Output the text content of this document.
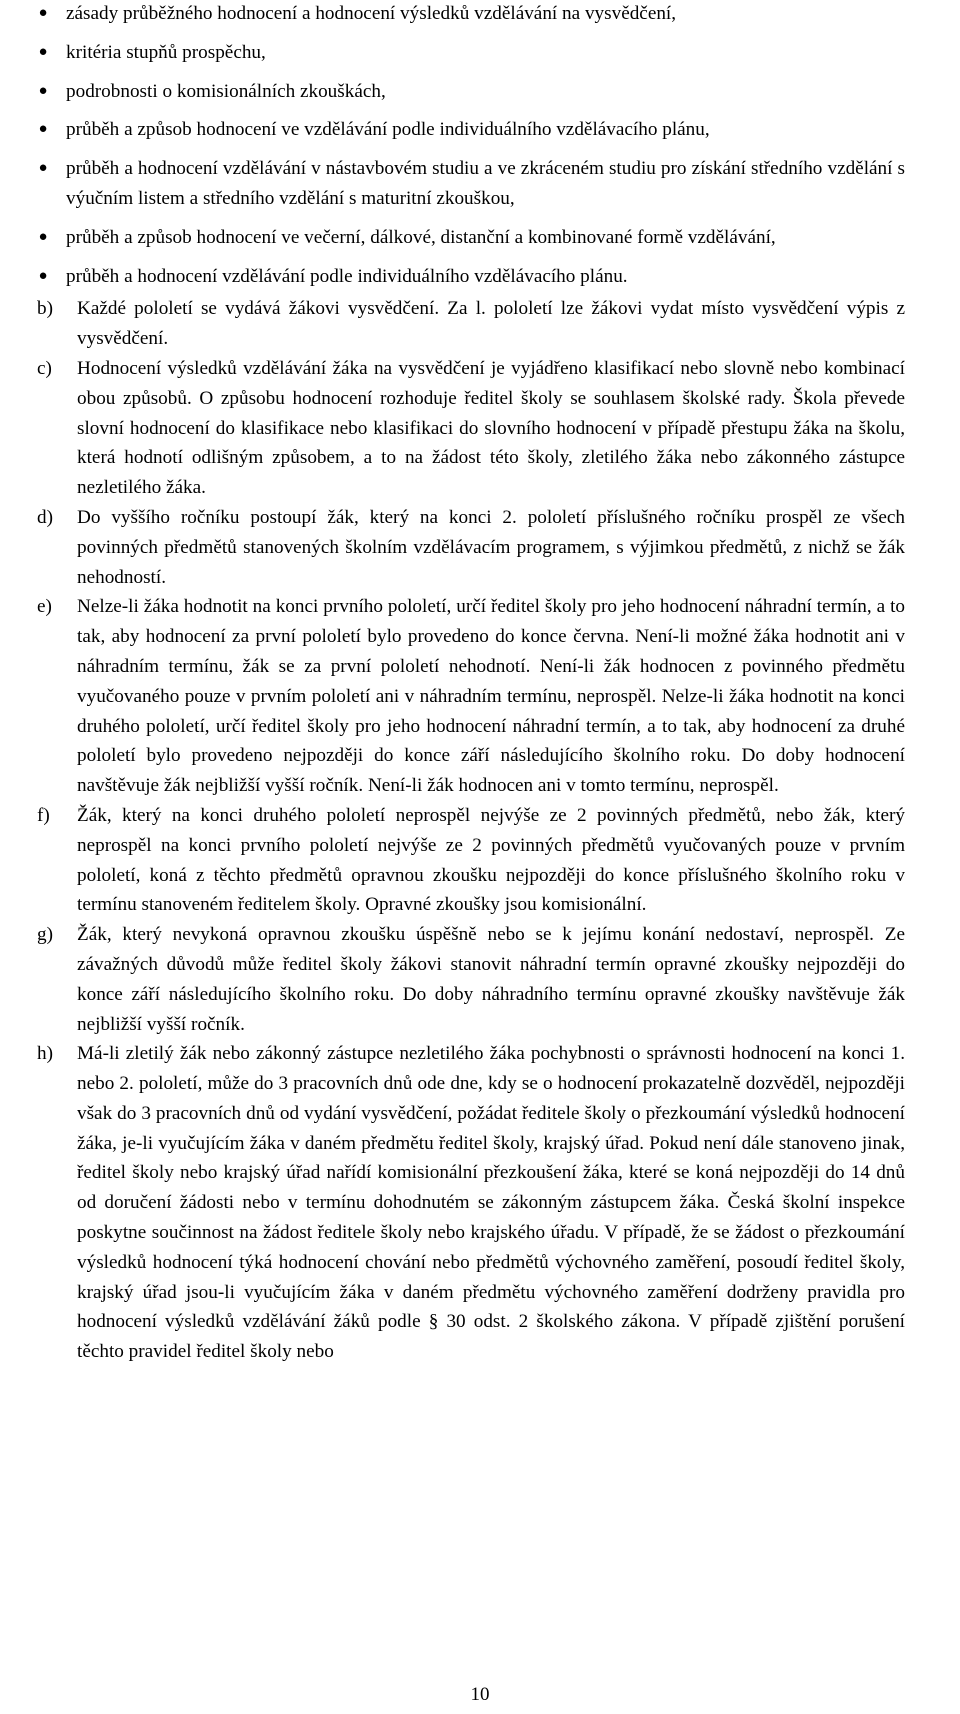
● zásady průběžného hodnocení a hodnocení výsledků vzdělávání na vysvědčení,
● kritéria stupňů prospěchu,
● podrobnosti o komisionálních zkouškách,
● průběh a způsob hodnocení ve vzdělávání podle individuálního vzdělávacího plánu,
● průběh a hodnocení vzdělávání v nástavbovém studiu a ve zkráceném studiu pro získání středního vzdělání s výučním listem a středního vzdělání s maturitní zkouškou,
● průběh a způsob hodnocení ve večerní, dálkové, distanční a kombinované formě vzdělávání,
● průběh a hodnocení vzdělávání podle individuálního vzdělávacího plánu.
b) Každé pololetí se vydává žákovi vysvědčení. Za l. pololetí lze žákovi vydat místo vysvědčení výpis z vysvědčení.
c) Hodnocení výsledků vzdělávání žáka na vysvědčení je vyjádřeno klasifikací nebo slovně nebo kombinací obou způsobů. O způsobu hodnocení rozhoduje ředitel školy se souhlasem školské rady. Škola převede slovní hodnocení do klasifikace nebo klasifikaci do slovního hodnocení v případě přestupu žáka na školu, která hodnotí odlišným způsobem, a to na žádost této školy, zletilého žáka nebo zákonného zástupce nezletilého žáka.
d) Do vyššího ročníku postoupí žák, který na konci 2. pololetí příslušného ročníku prospěl ze všech povinných předmětů stanovených školním vzdělávacím programem, s výjimkou předmětů, z nichž se žák nehodností.
e) Nelze-li žáka hodnotit na konci prvního pololetí, určí ředitel školy pro jeho hodnocení náhradní termín, a to tak, aby hodnocení za první pololetí bylo provedeno do konce června. Není-li možné žáka hodnotit ani v náhradním termínu, žák se za první pololetí nehodnotí. Není-li žák hodnocen z povinného předmětu vyučovaného pouze v prvním pololetí ani v náhradním termínu, neprospěl. Nelze-li žáka hodnotit na konci druhého pololetí, určí ředitel školy pro jeho hodnocení náhradní termín, a to tak, aby hodnocení za druhé pololetí bylo provedeno nejpozději do konce září následujícího školního roku. Do doby hodnocení navštěvuje žák nejbližší vyšší ročník. Není-li žák hodnocen ani v tomto termínu, neprospěl.
f) Žák, který na konci druhého pololetí neprospěl nejvýše ze 2 povinných předmětů, nebo žák, který neprospěl na konci prvního pololetí nejvýše ze 2 povinných předmětů vyučovaných pouze v prvním pololetí, koná z těchto předmětů opravnou zkoušku nejpozději do konce příslušného školního roku v termínu stanoveném ředitelem školy. Opravné zkoušky jsou komisionální.
g) Žák, který nevykoná opravnou zkoušku úspěšně nebo se k jejímu konání nedostaví, neprospěl. Ze závažných důvodů může ředitel školy žákovi stanovit náhradní termín opravné zkoušky nejpozději do konce září následujícího školního roku. Do doby náhradního termínu opravné zkoušky navštěvuje žák nejbližší vyšší ročník.
h) Má-li zletilý žák nebo zákonný zástupce nezletilého žáka pochybnosti o správnosti hodnocení na konci 1. nebo 2. pololetí, může do 3 pracovních dnů ode dne, kdy se o hodnocení prokazatelně dozvěděl, nejpozději však do 3 pracovních dnů od vydání vysvědčení, požádat ředitele školy o přezkoumání výsledků hodnocení žáka, je-li vyučujícím žáka v daném předmětu ředitel školy, krajský úřad. Pokud není dále stanoveno jinak, ředitel školy nebo krajský úřad nařídí komisionální přezkoušení žáka, které se koná nejpozději do 14 dnů od doručení žádosti nebo v termínu dohodnutém se zákonným zástupcem žáka. Česká školní inspekce poskytne součinnost na žádost ředitele školy nebo krajského úřadu. V případě, že se žádost o přezkoumání výsledků hodnocení týká hodnocení chování nebo předmětů výchovného zaměření, posoudí ředitel školy, krajský úřad jsou-li vyučujícím žáka v daném předmětu výchovného zaměření dodrženy pravidla pro hodnocení výsledků vzdělávání žáků podle § 30 odst. 2 školského zákona. V případě zjištění porušení těchto pravidel ředitel školy nebo
10
